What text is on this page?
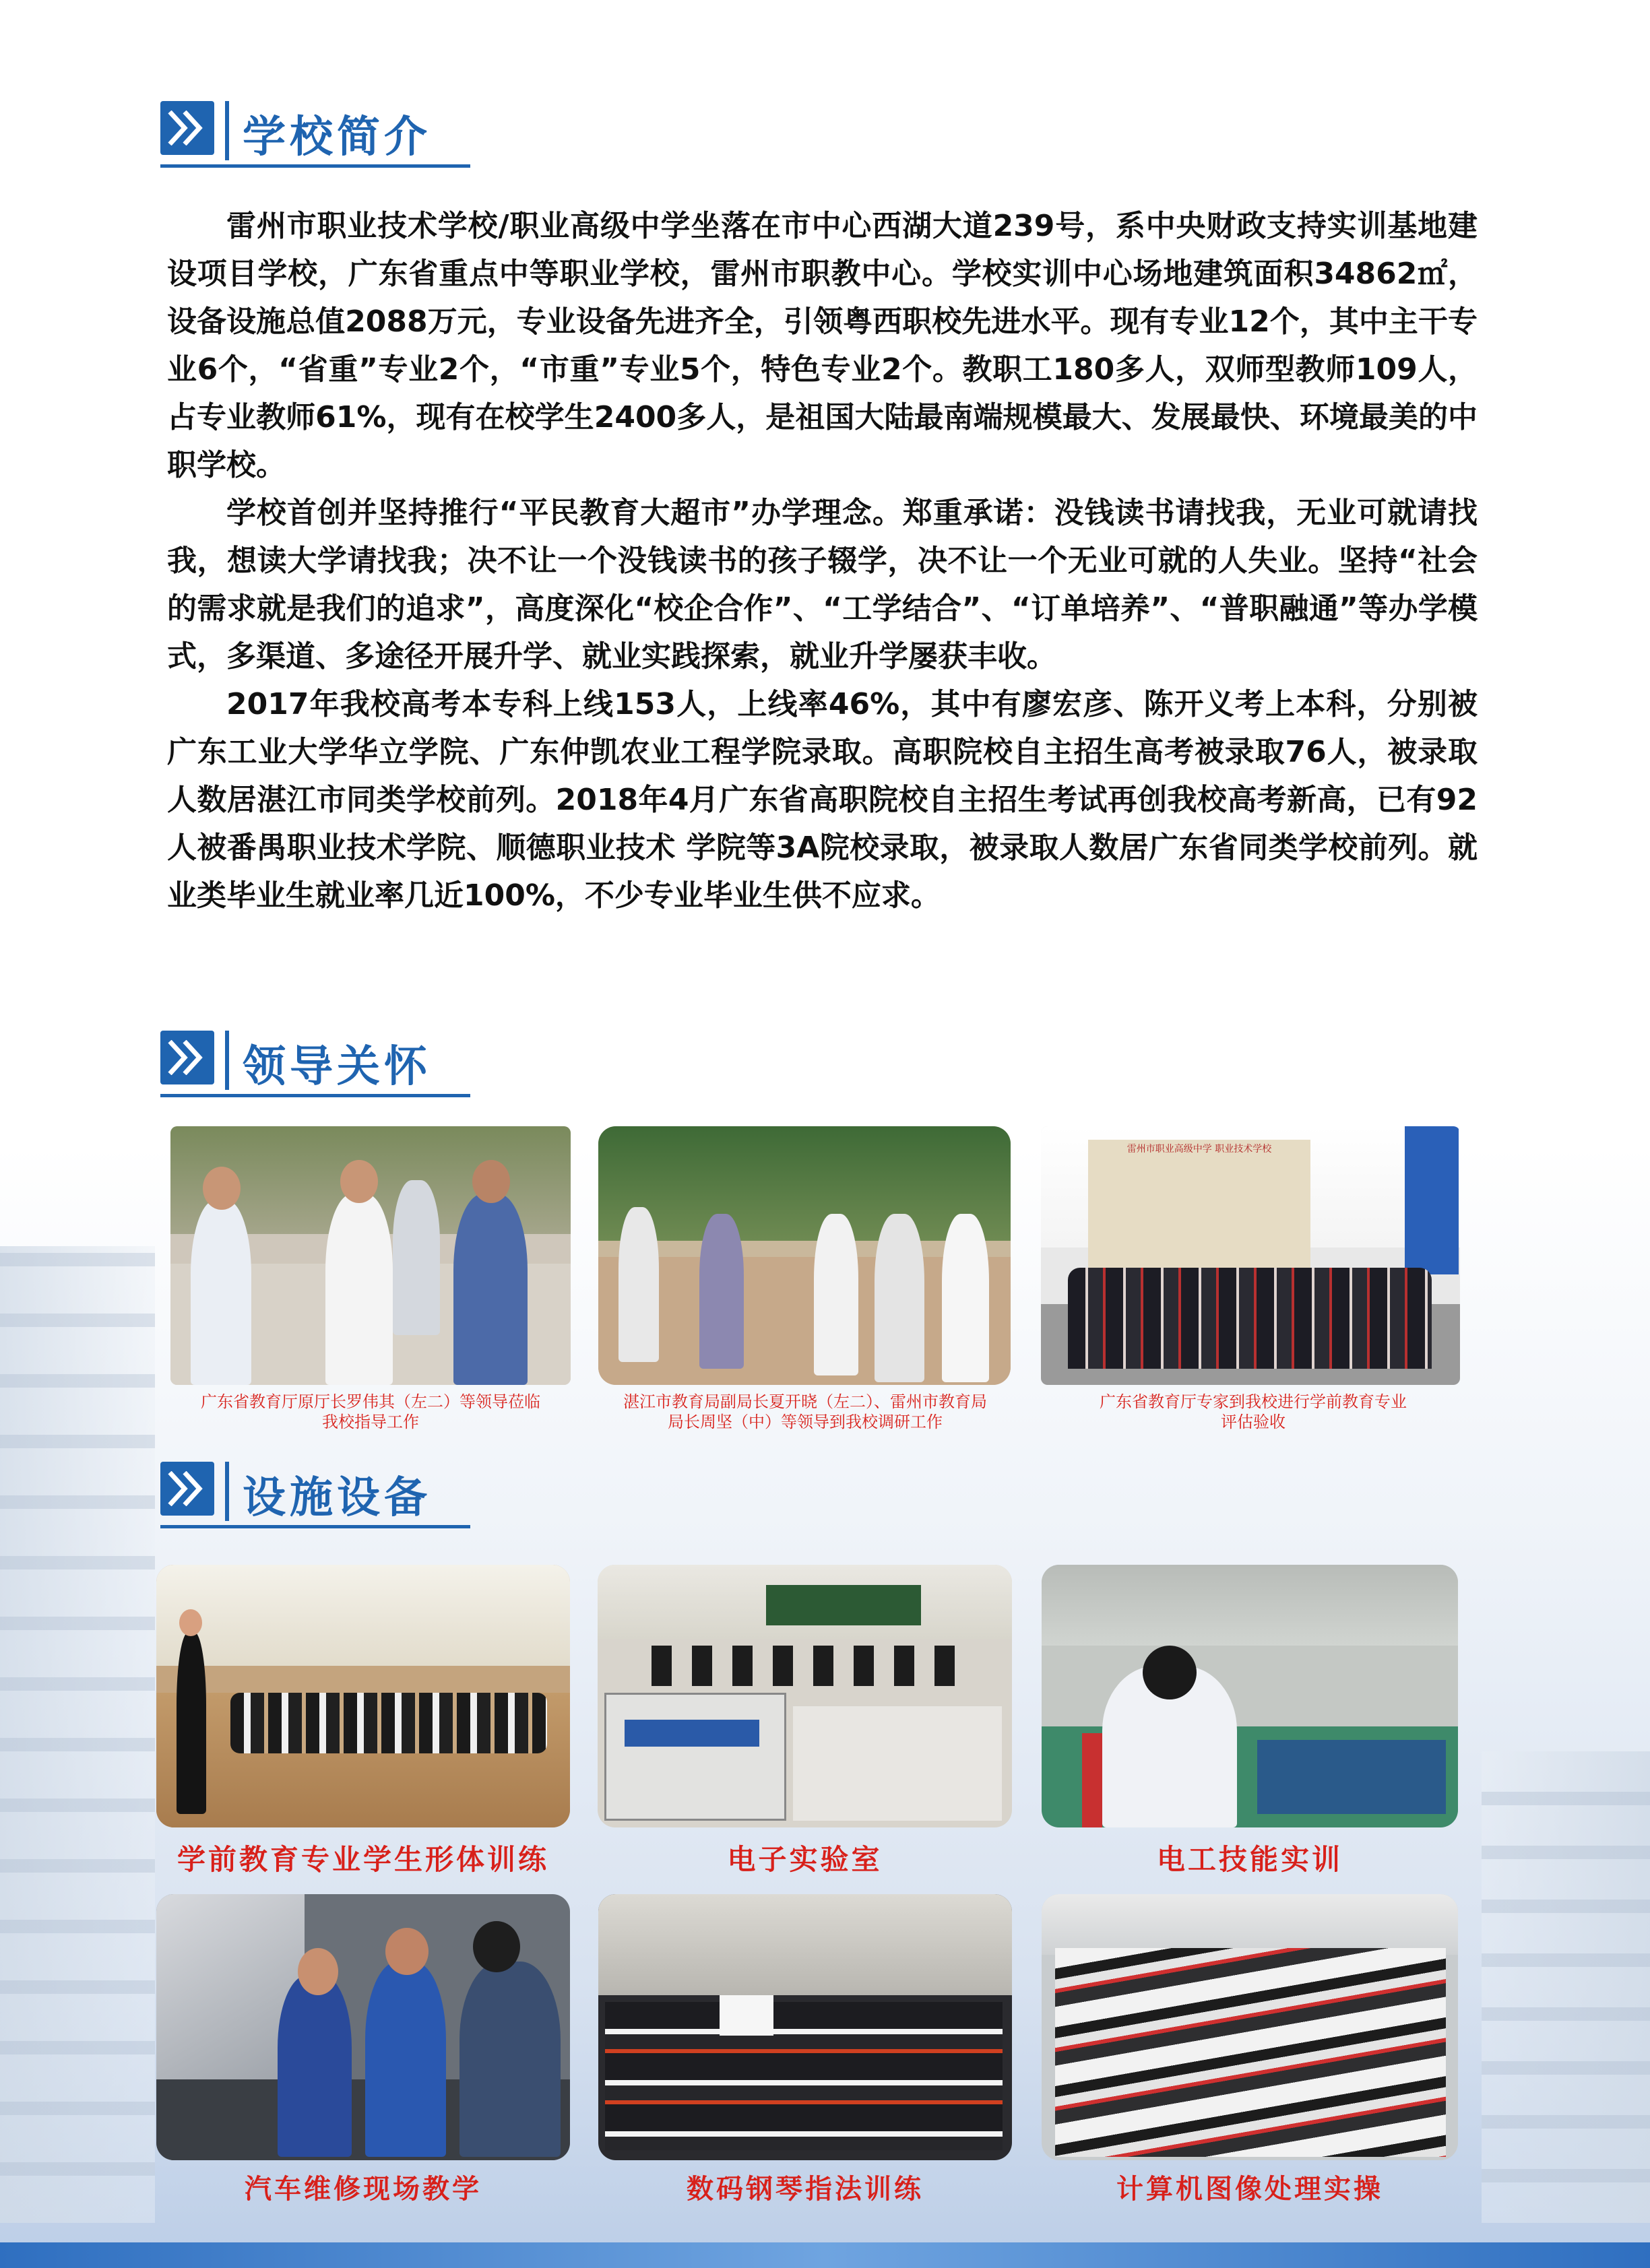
学校简介

雷州市职业技术学校/职业高级中学坐落在市中心西湖大道239号，系中央财政支持实训基地建设项目学校，广东省重点中等职业学校，雷州市职教中心。学校实训中心场地建筑面积34862㎡，设备设施总值2088万元，专业设备先进齐全，引领粤西职校先进水平。现有专业12个，其中主干专业6个，“省重”专业2个，“市重”专业5个，特色专业2个。教职工180多人，双师型教师109人，占专业教师61%，现有在校学生2400多人，是祖国大陆最南端规模最大、发展最快、环境最美的中职学校。

学校首创并坚持推行“平民教育大超市”办学理念。郑重承诺：没钱读书请找我，无业可就请找我，想读大学请找我；决不让一个没钱读书的孩子辍学，决不让一个无业可就的人失业。坚持“社会的需求就是我们的追求”，高度深化“校企合作”、“工学结合”、“订单培养”、“普职融通”等办学模式，多渠道、多途径开展升学、就业实践探索，就业升学屡获丰收。

2017年我校高考本专科上线153人，上线率46%，其中有廖宏彦、陈开义考上本科，分别被广东工业大学华立学院、广东仲凯农业工程学院录取。高职院校自主招生高考被录取76人，被录取人数居湛江市同类学校前列。2018年4月广东省高职院校自主招生考试再创我校高考新高，已有92人被番禺职业技术学院、顺德职业技术 学院等3A院校录取，被录取人数居广东省同类学校前列。就业类毕业生就业率几近100%，不少专业毕业生供不应求。

领导关怀
广东省教育厅原厅长罗伟其（左二）等领导莅临
我校指导工作
湛江市教育局副局长夏开晓（左二）、雷州市教育局
局长周坚（中）等领导到我校调研工作
雷州市职业高级中学 职业技术学校
广东省教育厅专家到我校进行学前教育专业
评估验收
设施设备
学前教育专业学生形体训练	电子实验室	电工技能实训
汽车维修现场教学	数码钢琴指法训练	计算机图像处理实操
